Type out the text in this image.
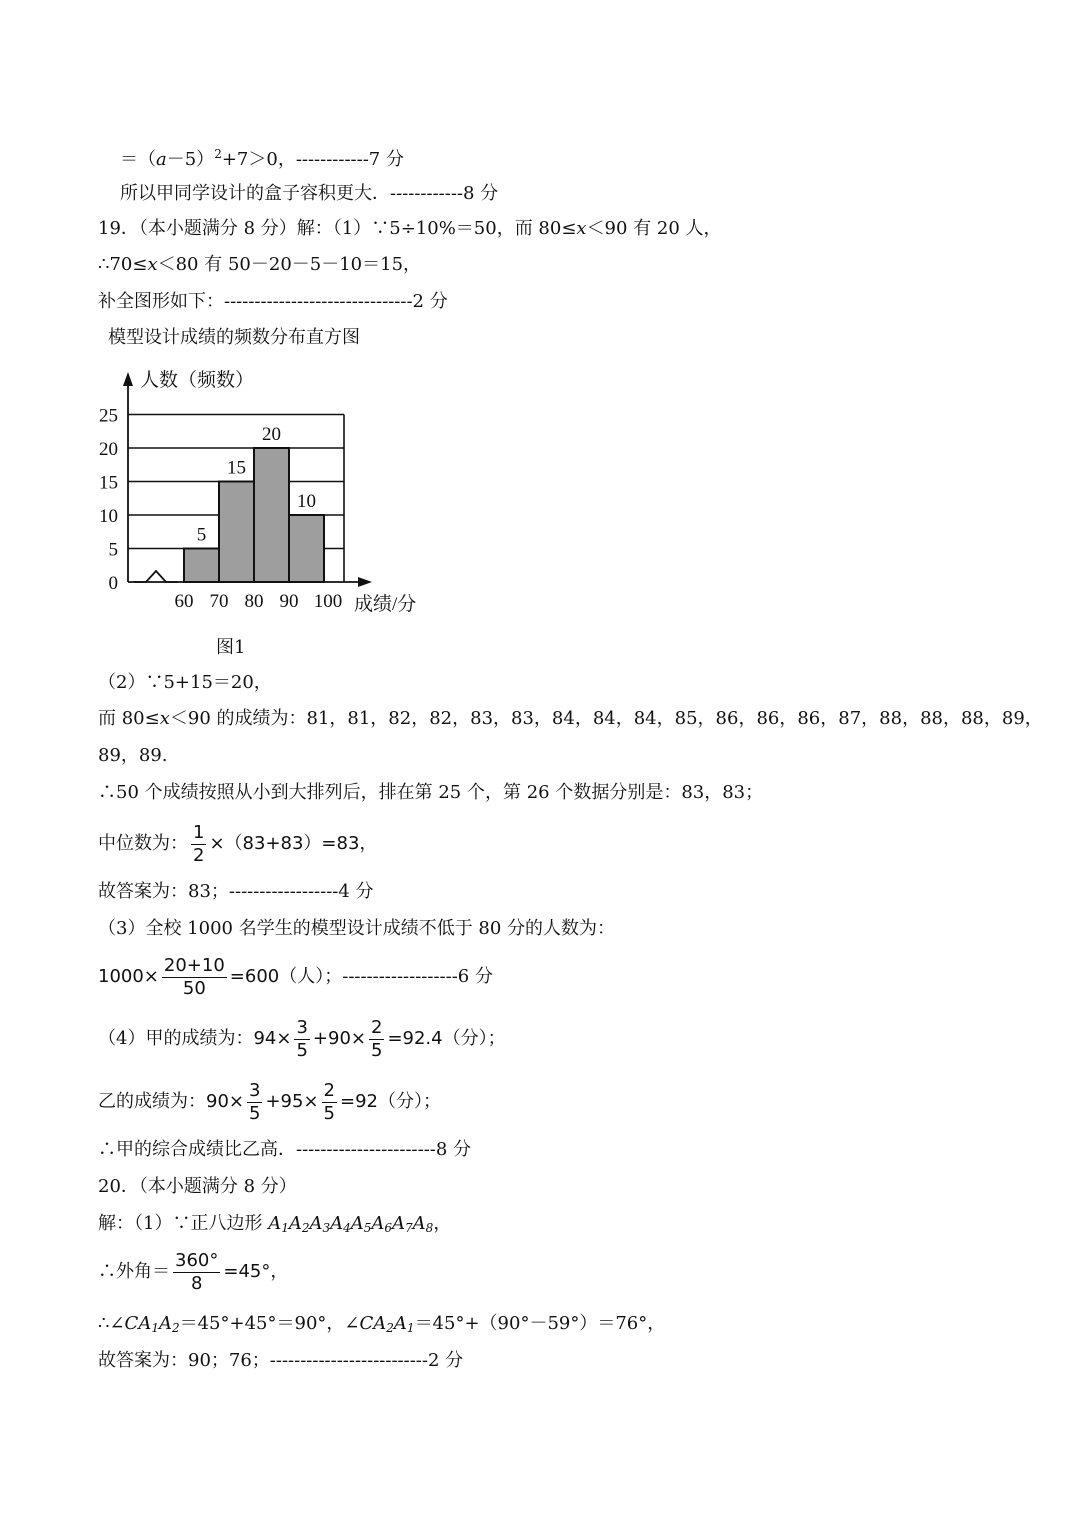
$=(a-5)^2+7>0$，------------7 分
所以甲同学设计的盒子容积更大．------------8 分
19．（本小题满分 8 分）解：（1）∵5÷10%＝50，而 80≤x＜90 有 20 人，
∴70≤x＜80 有 50－20－5－10＝15，
补全图形如下：-------------------------------2 分
模型设计成绩的频数分布直方图
5
15
20
10
0
5
10
15
20
25
60 70 80 90 100
人数（频数）
成绩/分
图1
（2）∵5+15＝20，
而 80≤x＜90 的成绩为：81，81，82，82，83，83，84，84，84，85，86，86，86，87，88，88，88，89，
89，89.
∴50 个成绩按照从小到大排列后，排在第 25 个，第 26 个数据分别是：83，83；
中位数为： $\frac{1}{2} \times(83+83)=83$，
故答案为：83；------------------4 分
（3）全校 1000 名学生的模型设计成绩不低于 80 分的人数为：
$1000\times \frac{20+10}{50} =600$（人）；-------------------6 分
（4）甲的成绩为：$94\times \frac{3}{5} +90\times \frac{2}{5} =92.4$（分）；
乙的成绩为：$90\times \frac{3}{5} +95\times \frac{2}{5} =92$（分）；
∴甲的综合成绩比乙高．-----------------------8 分
20．（本小题满分 8 分）
解：（1）∵正八边形 $A_1A_2A_3A_4A_5A_6A_7A_8$，
∴外角＝ $\frac{360^\circ}{8} =45^\circ$，
$\therefore\angle CA_1A_2=45^\circ+45^\circ=90^\circ$，$\angle CA_2A_1=45^\circ+(90^\circ-59^\circ)=76^\circ$，
故答案为：90；76；--------------------------2 分
